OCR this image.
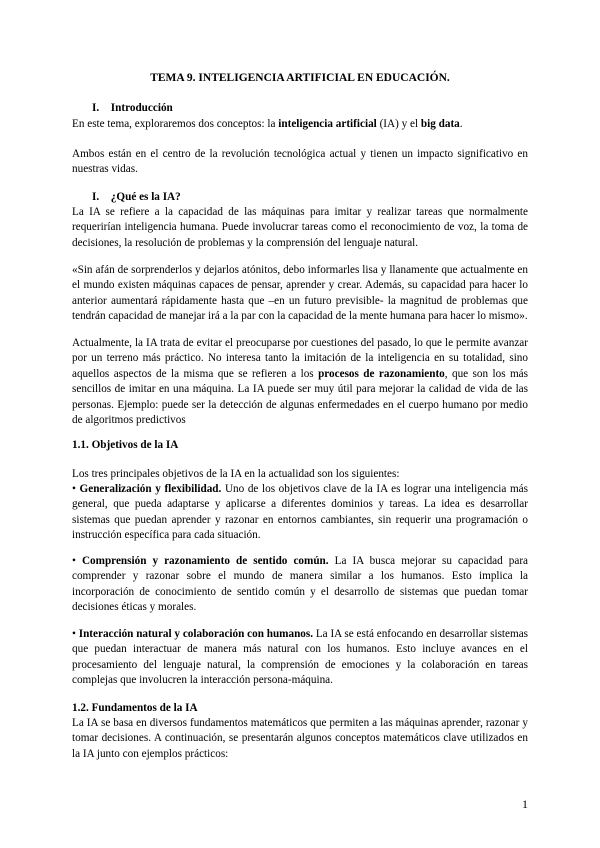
TEMA 9. INTELIGENCIA ARTIFICIAL EN EDUCACIÓN.
I. Introducción
En este tema, exploraremos dos conceptos: la inteligencia artificial (IA) y el big data.
Ambos están en el centro de la revolución tecnológica actual y tienen un impacto significativo en nuestras vidas.
I. ¿Qué es la IA?
La IA se refiere a la capacidad de las máquinas para imitar y realizar tareas que normalmente requerirían inteligencia humana. Puede involucrar tareas como el reconocimiento de voz, la toma de decisiones, la resolución de problemas y la comprensión del lenguaje natural.
«Sin afán de sorprenderlos y dejarlos atónitos, debo informarles lisa y llanamente que actualmente en el mundo existen máquinas capaces de pensar, aprender y crear. Además, su capacidad para hacer lo anterior aumentará rápidamente hasta que –en un futuro previsible- la magnitud de problemas que tendrán capacidad de manejar irá a la par con la capacidad de la mente humana para hacer lo mismo».
Actualmente, la IA trata de evitar el preocuparse por cuestiones del pasado, lo que le permite avanzar por un terreno más práctico. No interesa tanto la imitación de la inteligencia en su totalidad, sino aquellos aspectos de la misma que se refieren a los procesos de razonamiento, que son los más sencillos de imitar en una máquina. La IA puede ser muy útil para mejorar la calidad de vida de las personas. Ejemplo: puede ser la detección de algunas enfermedades en el cuerpo humano por medio de algoritmos predictivos
1.1. Objetivos de la IA
Los tres principales objetivos de la IA en la actualidad son los siguientes:
• Generalización y flexibilidad. Uno de los objetivos clave de la IA es lograr una inteligencia más general, que pueda adaptarse y aplicarse a diferentes dominios y tareas. La idea es desarrollar sistemas que puedan aprender y razonar en entornos cambiantes, sin requerir una programación o instrucción específica para cada situación.
• Comprensión y razonamiento de sentido común. La IA busca mejorar su capacidad para comprender y razonar sobre el mundo de manera similar a los humanos. Esto implica la incorporación de conocimiento de sentido común y el desarrollo de sistemas que puedan tomar decisiones éticas y morales.
• Interacción natural y colaboración con humanos. La IA se está enfocando en desarrollar sistemas que puedan interactuar de manera más natural con los humanos. Esto incluye avances en el procesamiento del lenguaje natural, la comprensión de emociones y la colaboración en tareas complejas que involucren la interacción persona-máquina.
1.2. Fundamentos de la IA
La IA se basa en diversos fundamentos matemáticos que permiten a las máquinas aprender, razonar y tomar decisiones. A continuación, se presentarán algunos conceptos matemáticos clave utilizados en la IA junto con ejemplos prácticos:
1
